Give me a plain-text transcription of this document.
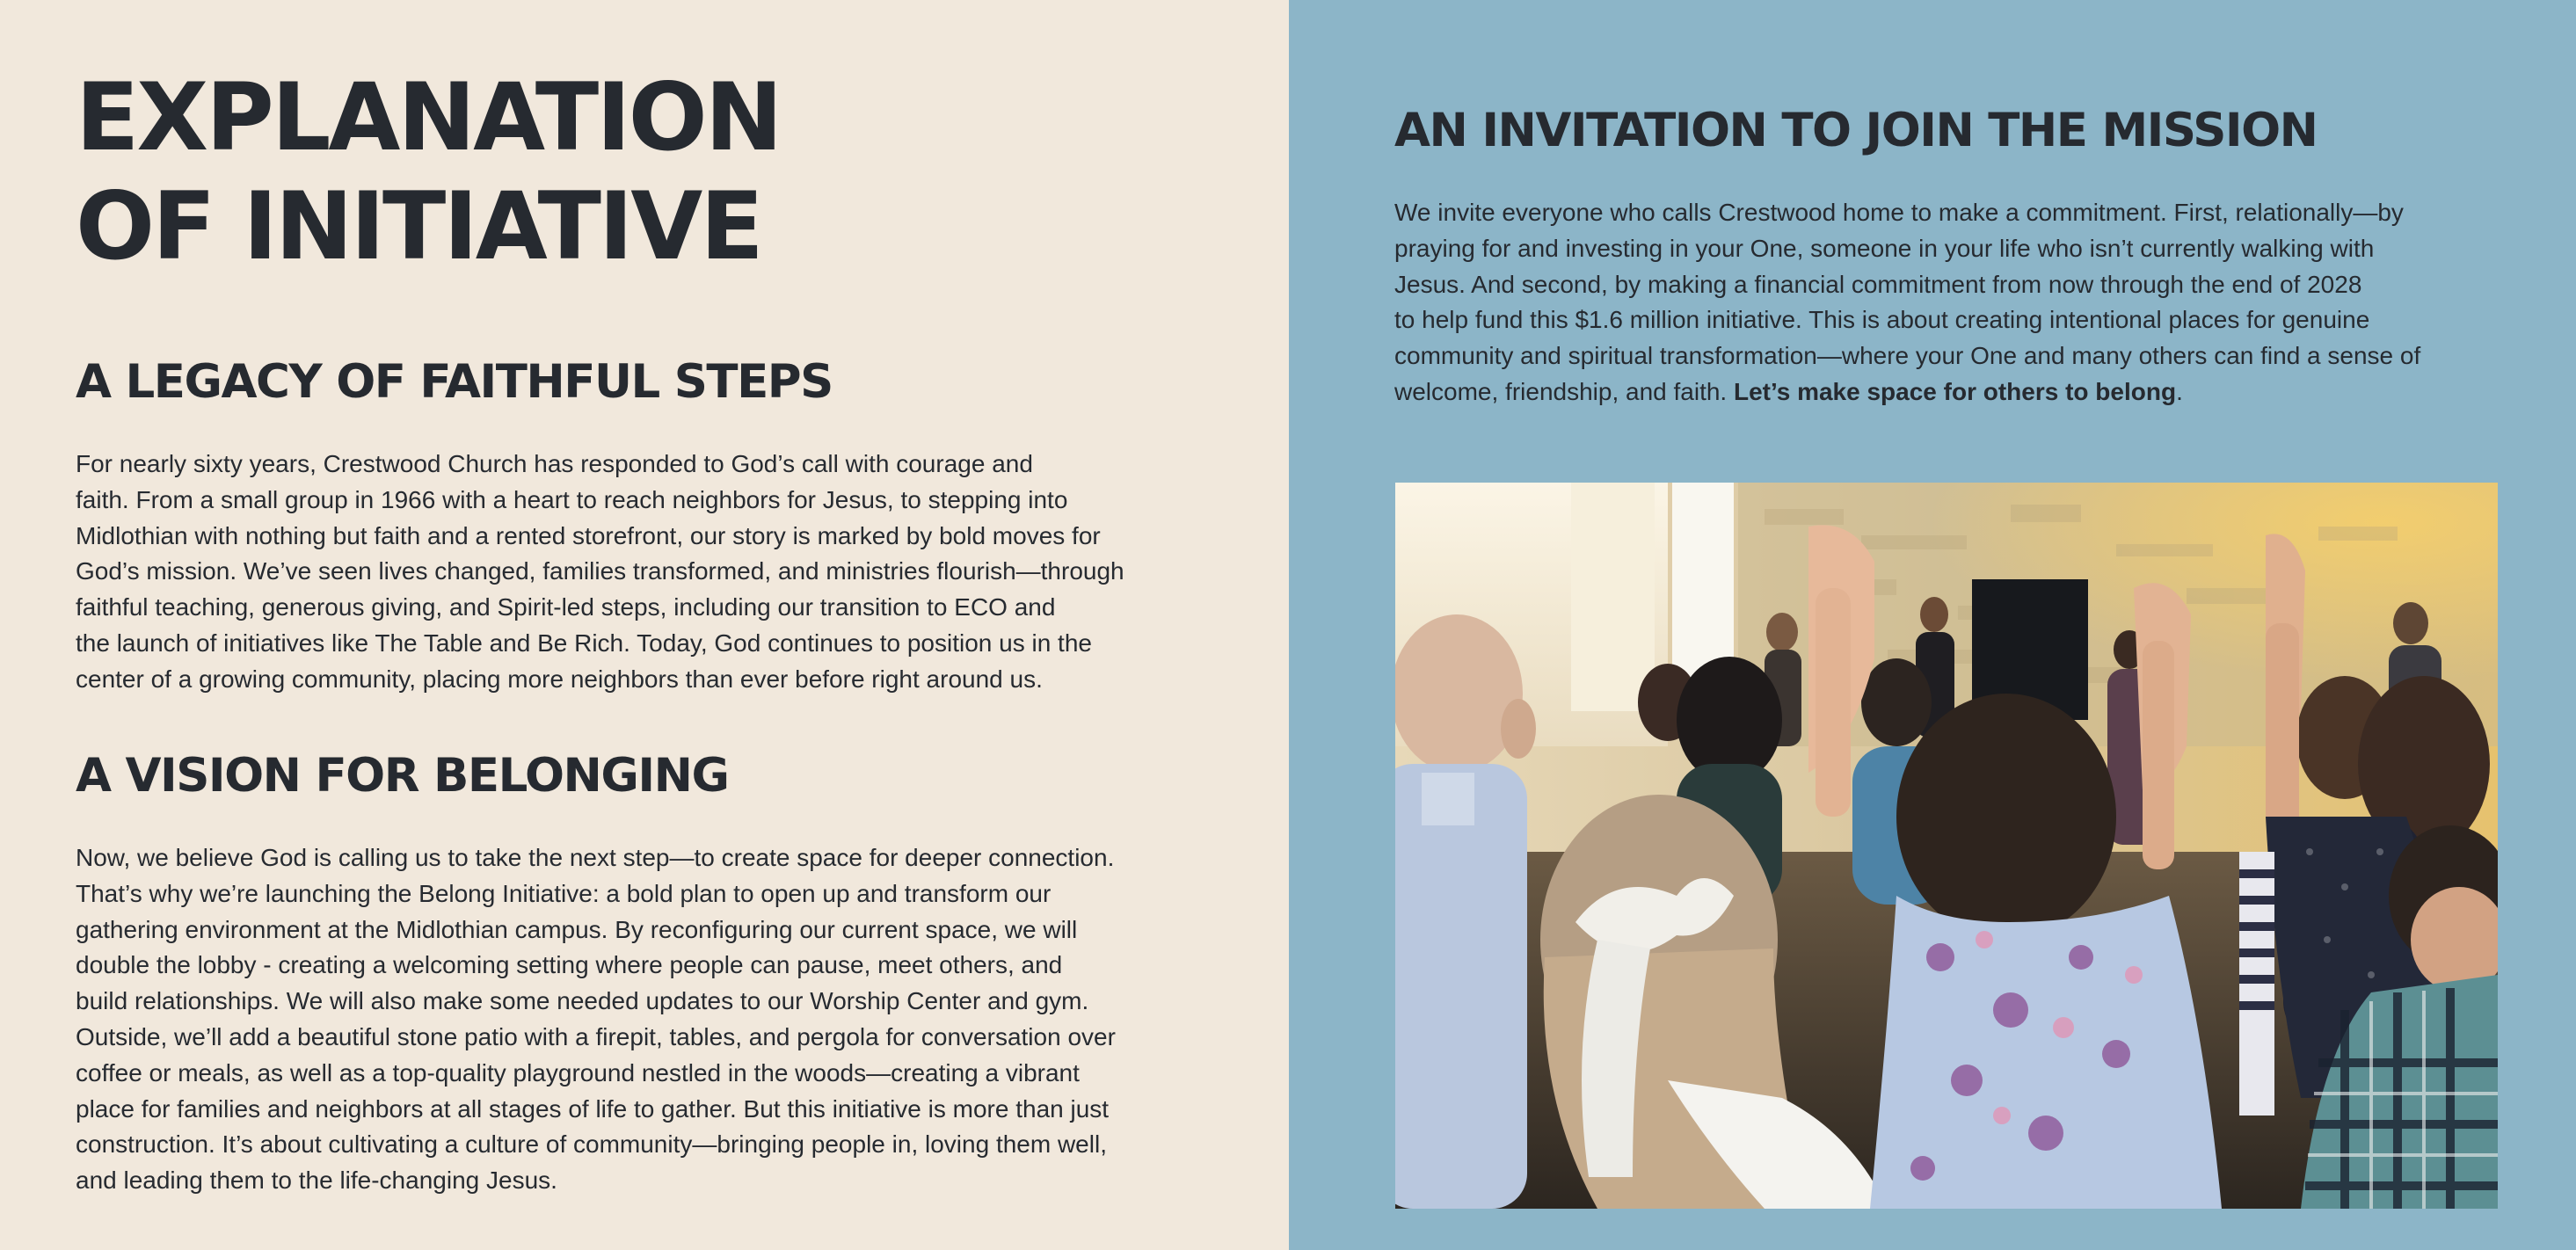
EXPLANATION
OF INITIATIVE
A LEGACY OF FAITHFUL STEPS

For nearly sixty years, Crestwood Church has responded to God’s call with courage and
faith. From a small group in 1966 with a heart to reach neighbors for Jesus, to stepping into
Midlothian with nothing but faith and a rented storefront, our story is marked by bold moves for
God’s mission. We’ve seen lives changed, families transformed, and ministries flourish—through
faithful teaching, generous giving, and Spirit-led steps, including our transition to ECO and
the launch of initiatives like The Table and Be Rich. Today, God continues to position us in the
center of a growing community, placing more neighbors than ever before right around us.

A VISION FOR BELONGING

Now, we believe God is calling us to take the next step—to create space for deeper connection.
That’s why we’re launching the Belong Initiative: a bold plan to open up and transform our
gathering environment at the Midlothian campus. By reconfiguring our current space, we will
double the lobby - creating a welcoming setting where people can pause, meet others, and
build relationships. We will also make some needed updates to our Worship Center and gym.
Outside, we’ll add a beautiful stone patio with a firepit, tables, and pergola for conversation over
coffee or meals, as well as a top-quality playground nestled in the woods—creating a vibrant
place for families and neighbors at all stages of life to gather. But this initiative is more than just
construction. It’s about cultivating a culture of community—bringing people in, loving them well,
and leading them to the life-changing Jesus.

AN INVITATION TO JOIN THE MISSION

We invite everyone who calls Crestwood home to make a commitment. First, relationally—by
praying for and investing in your One, someone in your life who isn’t currently walking with
Jesus. And second, by making a financial commitment from now through the end of 2028
to help fund this $1.6 million initiative. This is about creating intentional places for genuine
community and spiritual transformation—where your One and many others can find a sense of
welcome, friendship, and faith. Let’s make space for others to belong.
